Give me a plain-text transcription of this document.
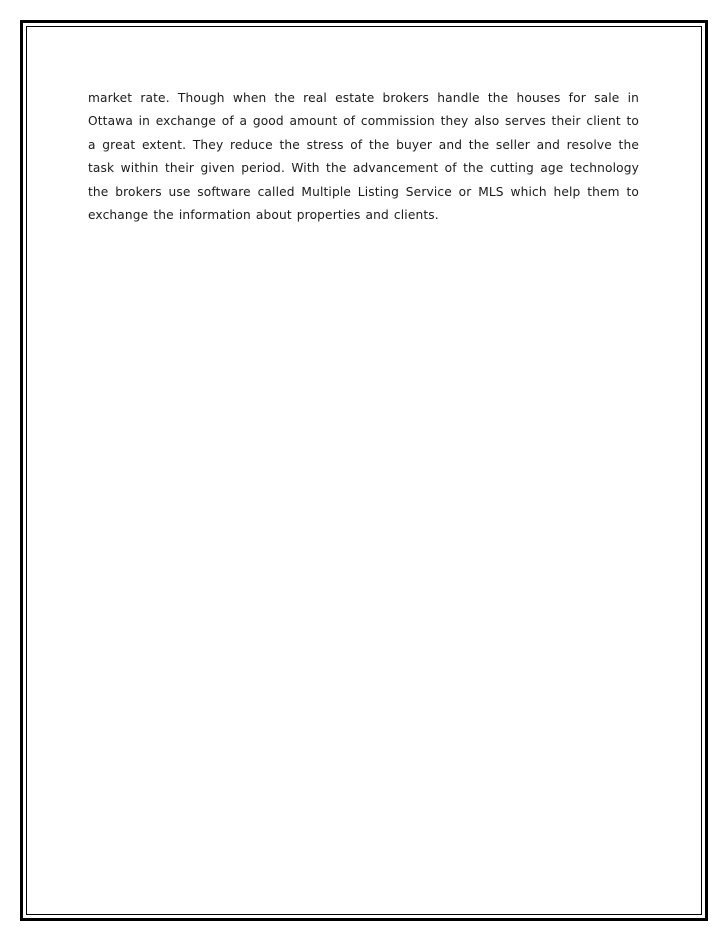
market rate. Though when the real estate brokers handle the houses for sale in Ottawa in exchange of a good amount of commission they also serves their client to a great extent. They reduce the stress of the buyer and the seller and resolve the task within their given period. With the advancement of the cutting age technology the brokers use software called Multiple Listing Service or MLS which help them to exchange the information about properties and clients.
